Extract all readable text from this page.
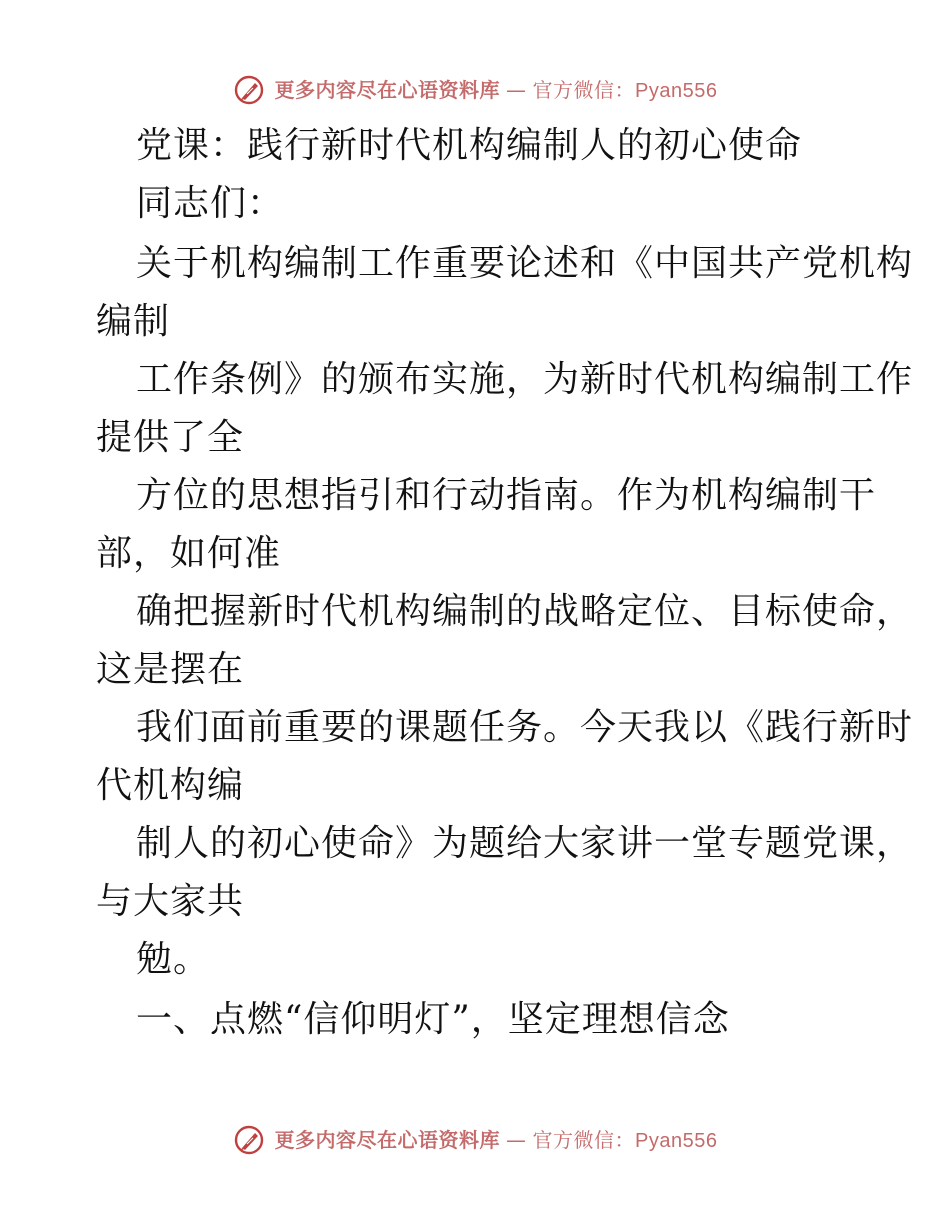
更多内容尽在心语资料库 — 官方微信： Pyan556
党课：践行新时代机构编制人的初心使命
同志们：
关于机构编制工作重要论述和《中国共产党机构
编制
工作条例》的颁布实施，为新时代机构编制工作
提供了全
方位的思想指引和行动指南。作为机构编制干
部，如何准
确把握新时代机构编制的战略定位、目标使命，
这是摆在
我们面前重要的课题任务。今天我以《践行新时
代机构编
制人的初心使命》为题给大家讲一堂专题党课，
与大家共
勉。
一、点燃“信仰明灯”，坚定理想信念
更多内容尽在心语资料库 — 官方微信： Pyan556
